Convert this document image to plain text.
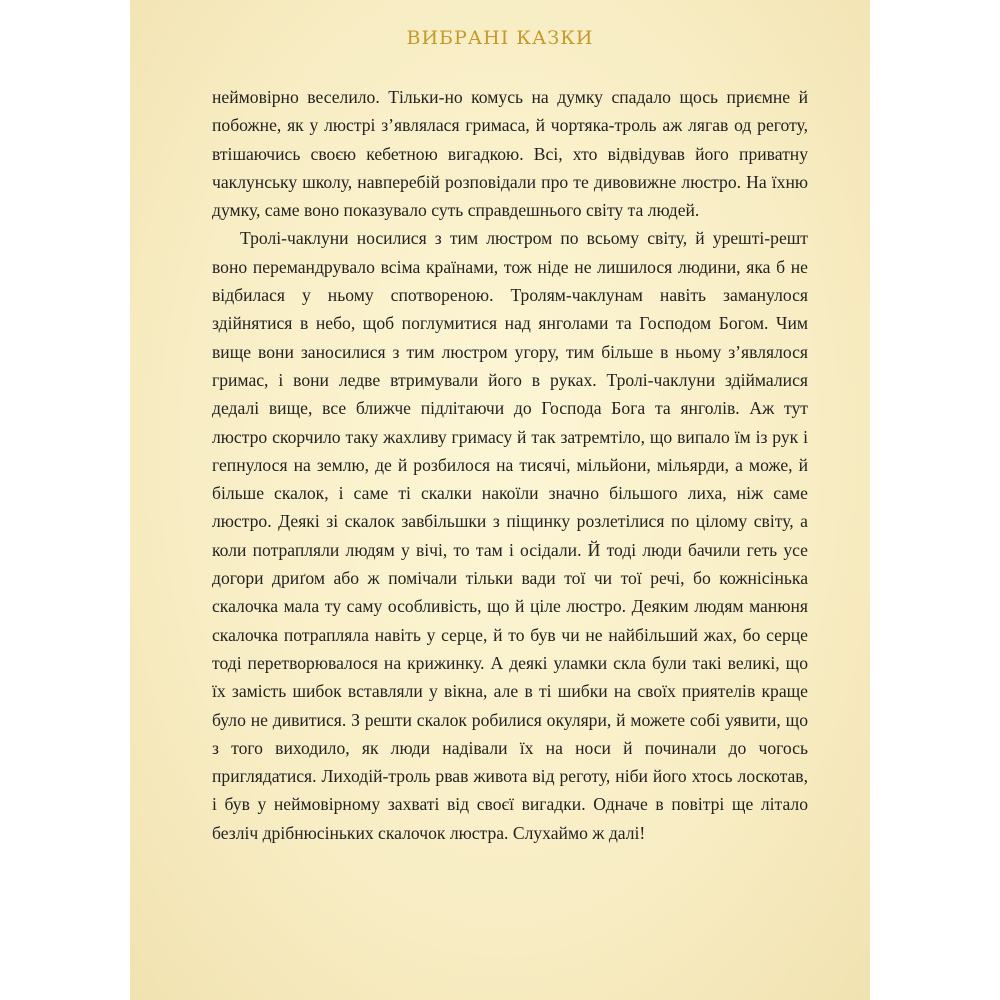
ВИБРАНІ КАЗКИ

неймовірно веселило. Тільки-но комусь на думку спадало щось приємне й побожне, як у люстрі з’являлася гримаса, й чортяка-троль аж лягав од реготу, втішаючись своєю кебетною вигадкою. Всі, хто відвідував його приватну чаклунську школу, навперебій розповідали про те дивовижне люстро. На їхню думку, саме воно показувало суть справдешнього світу та людей.

Тролі-чаклуни носилися з тим люстром по всьому світу, й урешті-решт воно перемандрувало всіма країнами, тож ніде не лишилося людини, яка б не відбилася у ньому спотвореною. Тролям-чаклунам навіть заманулося здійнятися в небо, щоб поглумитися над янголами та Господом Богом. Чим вище вони заносилися з тим люстром угору, тим більше в ньому з’являлося гримас, і вони ледве втримували його в руках. Тролі-чаклуни здіймалися дедалі вище, все ближче підлітаючи до Господа Бога та янголів. Аж тут люстро скорчило таку жахливу гримасу й так затремтіло, що випало їм із рук і гепнулося на землю, де й розбилося на тисячі, мільйони, мільярди, а може, й більше скалок, і саме ті скалки накоїли значно більшого лиха, ніж саме люстро. Деякі зі скалок завбільшки з піщинку розлетілися по цілому світу, а коли потрапляли людям у вічі, то там і осідали. Й тоді люди бачили геть усе догори дриґом або ж помічали тільки вади тої чи тої речі, бо кожнісінька скалочка мала ту саму особливість, що й ціле люстро. Деяким людям манюня скалочка потрапляла навіть у серце, й то був чи не найбільший жах, бо серце тоді перетворювалося на крижинку. А деякі уламки скла були такі великі, що їх замість шибок вставляли у вікна, але в ті шибки на своїх приятелів краще було не дивитися. З решти скалок робилися окуляри, й можете собі уявити, що з того виходило, як люди надівали їх на носи й починали до чогось приглядатися. Лиходій-троль рвав живота від реготу, ніби його хтось лоскотав, і був у неймовірному захваті від своєї вигадки. Одначе в повітрі ще літало безліч дрібнюсіньких скалочок люстра. Слухаймо ж далі!
